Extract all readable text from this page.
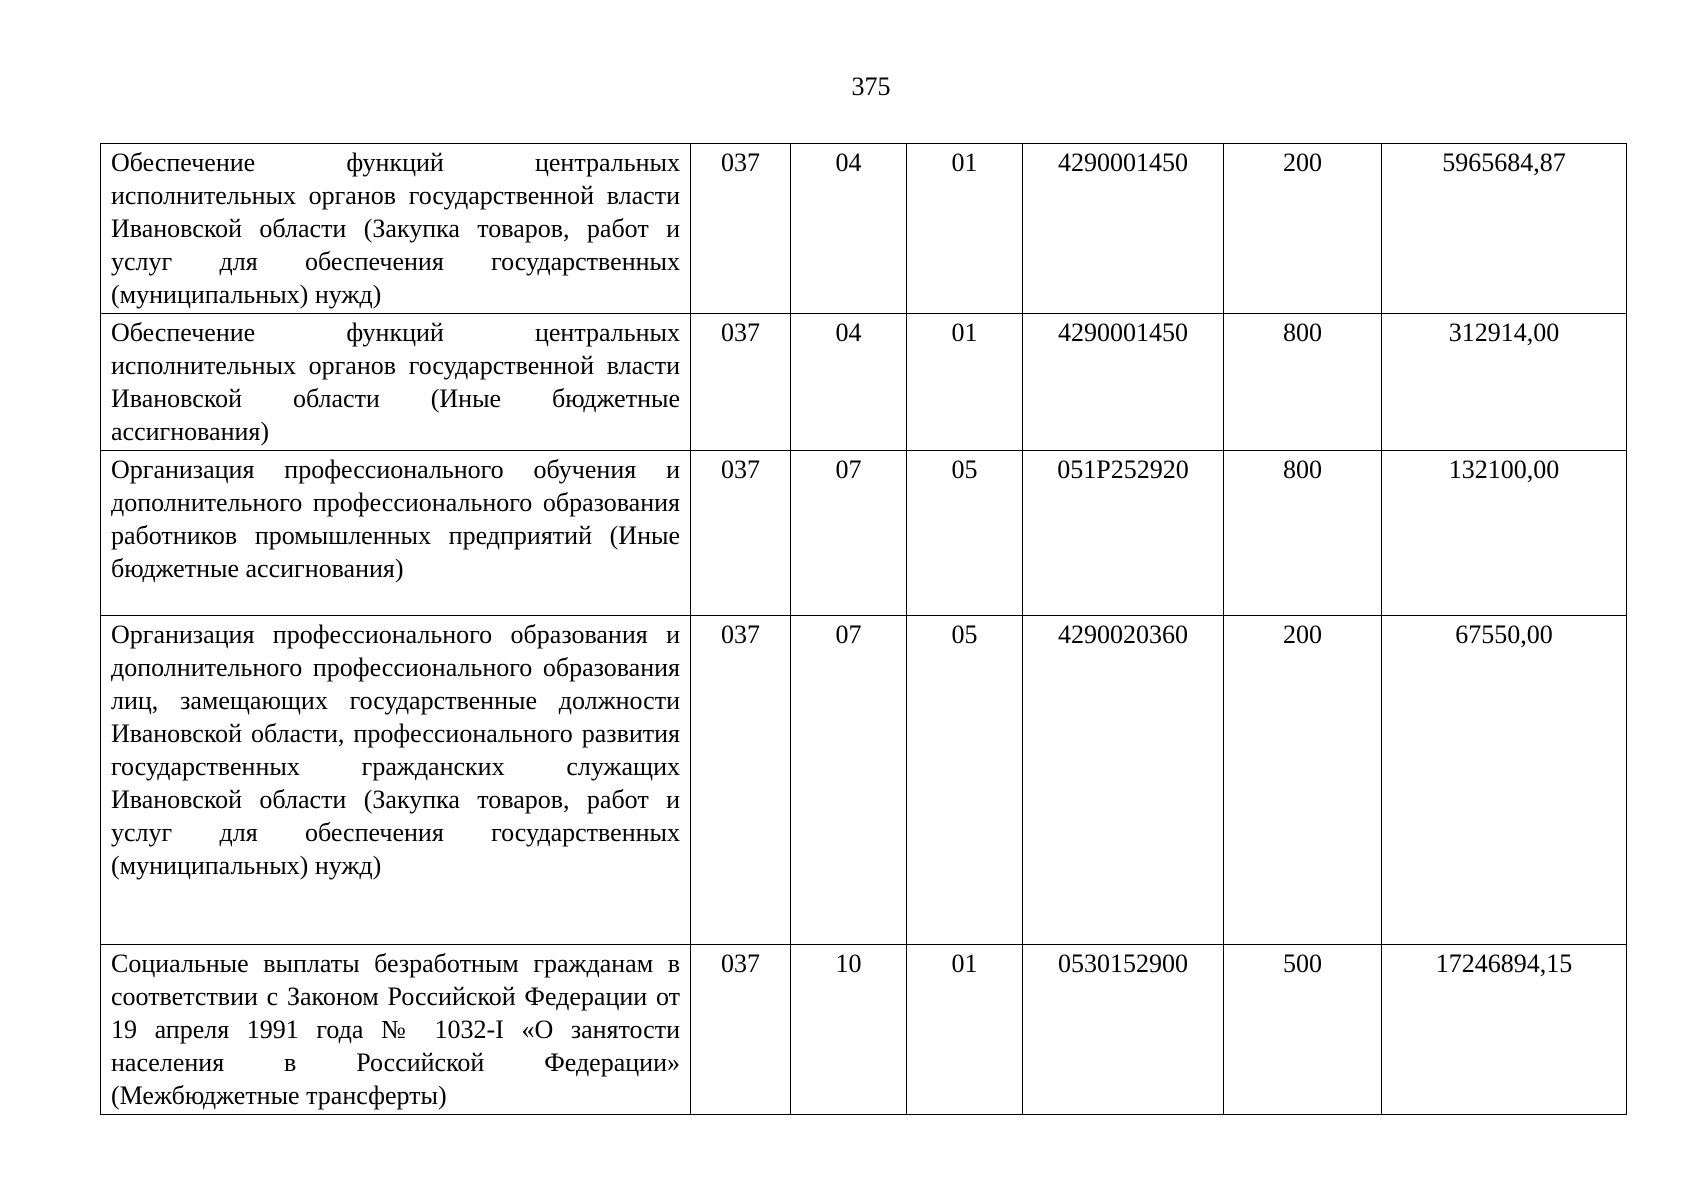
375
Обеспечение функций центральных исполнительных органов государственной власти Ивановской области (Закупка товаров, работ и услуг для обеспечения государственных (муниципальных) нужд)	037	04	01	4290001450	200	5965684,87
Обеспечение функций центральных исполнительных органов государственной власти Ивановской области (Иные бюджетные ассигнования)	037	04	01	4290001450	800	312914,00
Организация профессионального обучения и дополнительного профессионального образования работников промышленных предприятий (Иные бюджетные ассигнования)	037	07	05	051P252920	800	132100,00
Организация профессионального образования и дополнительного профессионального образования лиц, замещающих государственные должности Ивановской области, профессионального развития государственных гражданских служащих Ивановской области (Закупка товаров, работ и услуг для обеспечения государственных (муниципальных) нужд)	037	07	05	4290020360	200	67550,00
Социальные выплаты безработным гражданам в соответствии с Законом Российской Федерации от 19 апреля 1991 года № 1032-I «О занятости населения в Российской Федерации» (Межбюджетные трансферты)	037	10	01	0530152900	500	17246894,15
